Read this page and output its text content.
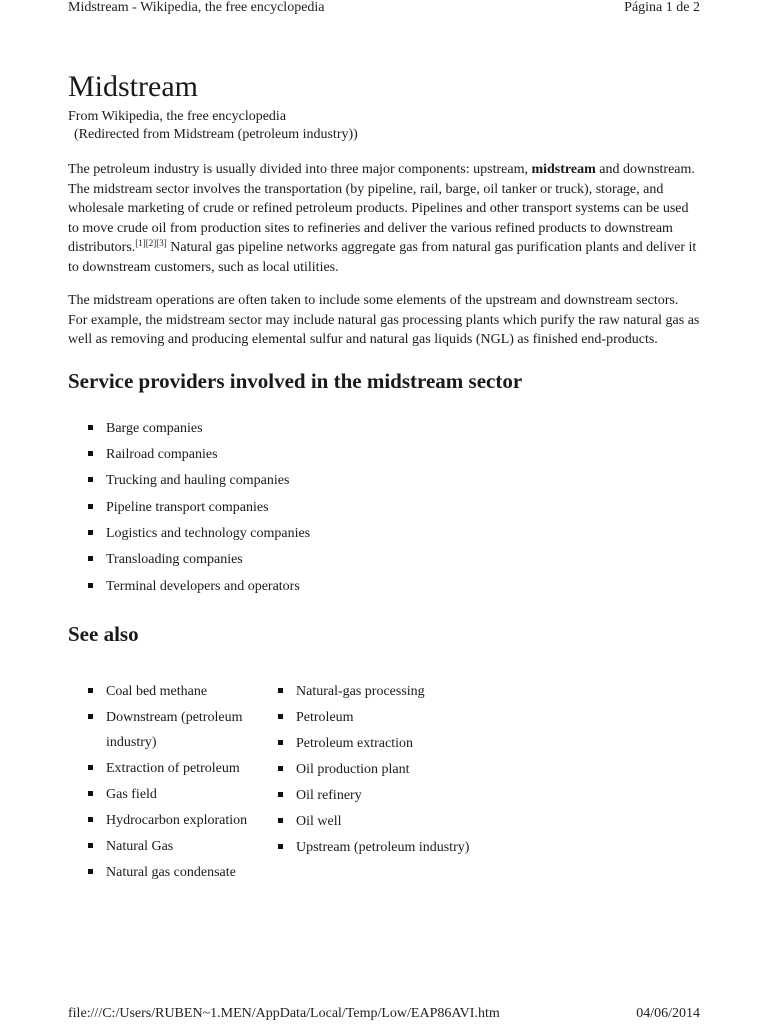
Midstream - Wikipedia, the free encyclopedia	Página 1 de 2
Midstream
From Wikipedia, the free encyclopedia
(Redirected from Midstream (petroleum industry))

The petroleum industry is usually divided into three major components: upstream, midstream and downstream. The midstream sector involves the transportation (by pipeline, rail, barge, oil tanker or truck), storage, and wholesale marketing of crude or refined petroleum products. Pipelines and other transport systems can be used to move crude oil from production sites to refineries and deliver the various refined products to downstream distributors.[1][2][3] Natural gas pipeline networks aggregate gas from natural gas purification plants and deliver it to downstream customers, such as local utilities.

The midstream operations are often taken to include some elements of the upstream and downstream sectors. For example, the midstream sector may include natural gas processing plants which purify the raw natural gas as well as removing and producing elemental sulfur and natural gas liquids (NGL) as finished end-products.

Service providers involved in the midstream sector
Barge companies
Railroad companies
Trucking and hauling companies
Pipeline transport companies
Logistics and technology companies
Transloading companies
Terminal developers and operators
See also
Coal bed methane
Downstream (petroleum industry)
Extraction of petroleum
Gas field
Hydrocarbon exploration
Natural Gas
Natural gas condensate
Natural-gas processing
Petroleum
Petroleum extraction
Oil production plant
Oil refinery
Oil well
Upstream (petroleum industry)
file:///C:/Users/RUBEN~1.MEN/AppData/Local/Temp/Low/EAP86AVI.htm	04/06/2014
